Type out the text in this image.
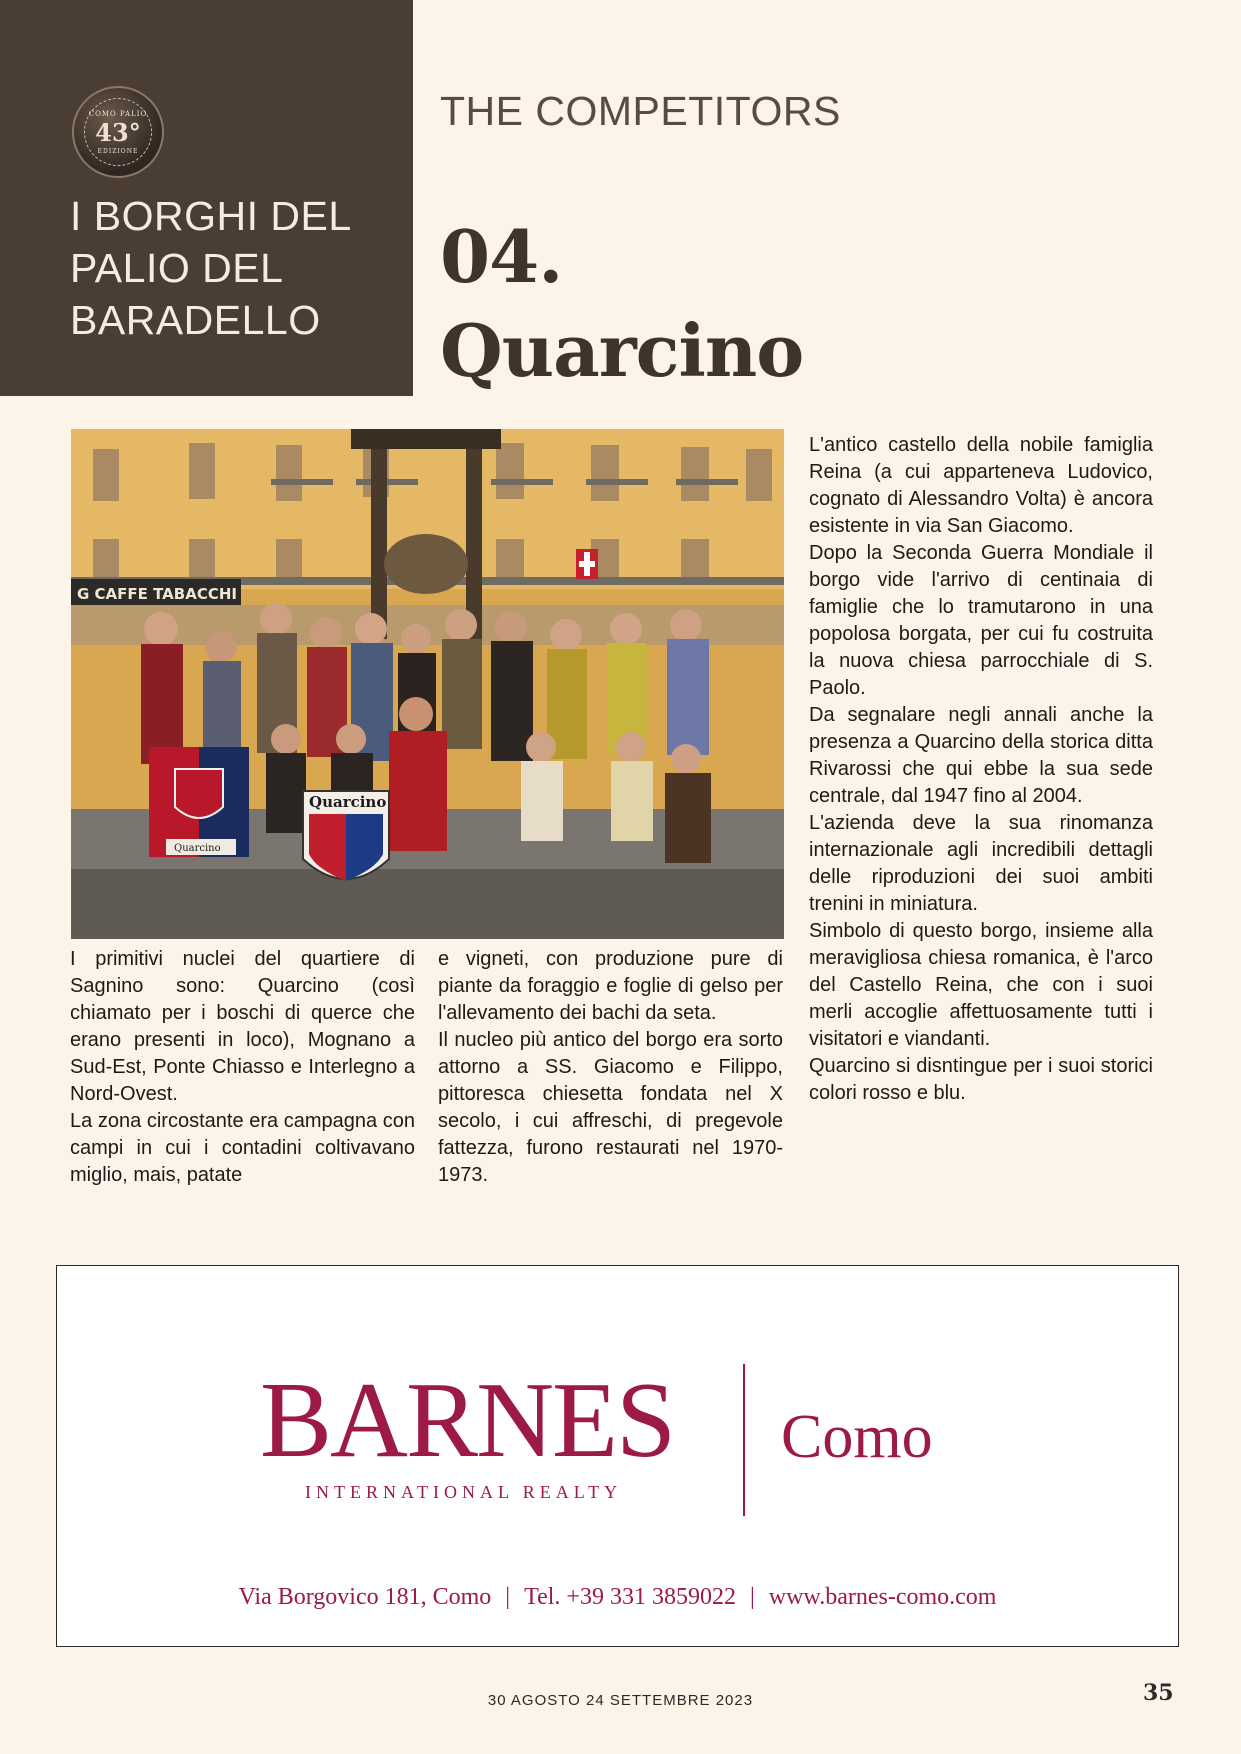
COMO PALIO
43°
EDIZIONE
I BORGHI DEL
PALIO DEL
BARADELLO
THE COMPETITORS
04.
Quarcino
G CAFFE TABACCHI
Quarcino
Quarcino

I primitivi nuclei del quartiere di Sagnino sono: Quarcino (così chiamato per i boschi di querce che erano presenti in loco), Mognano a Sud-Est, Ponte Chiasso e Interlegno a Nord-Ovest.

La zona circostante era campagna con campi in cui i contadini coltivavano miglio, mais, patate

e vigneti, con produzione pure di piante da foraggio e foglie di gelso per l'allevamento dei bachi da seta.

Il nucleo più antico del borgo era sorto attorno a SS. Giacomo e Filippo, pittoresca chiesetta fondata nel X secolo, i cui affreschi, di pregevole fattezza, furono restaurati nel 1970-1973.

L'antico castello della nobile famiglia Reina (a cui apparteneva Ludovico, cognato di Alessandro Volta) è ancora esistente in via San Giacomo.

Dopo la Seconda Guerra Mondiale il borgo vide l'arrivo di centinaia di famiglie che lo tramutarono in una popolosa borgata, per cui fu costruita la nuova chiesa parrocchiale di S. Paolo.

Da segnalare negli annali anche la presenza a Quarcino della storica ditta Rivarossi che qui ebbe la sua sede centrale, dal 1947 fino al 2004.

L'azienda deve la sua rinomanza internazionale agli incredibili dettagli delle riproduzioni dei suoi ambiti trenini in miniatura.

Simbolo di questo borgo, insieme alla meravigliosa chiesa romanica, è l'arco del Castello Reina, che con i suoi merli accoglie affettuosamente tutti i visitatori e viandanti.

Quarcino si disntingue per i suoi storici colori rosso e blu.

BARNES
INTERNATIONAL REALTY
Como
Via Borgovico 181, Como | Tel. +39 331 3859022 | www.barnes-como.com
30 AGOSTO 24 SETTEMBRE 2023	35
